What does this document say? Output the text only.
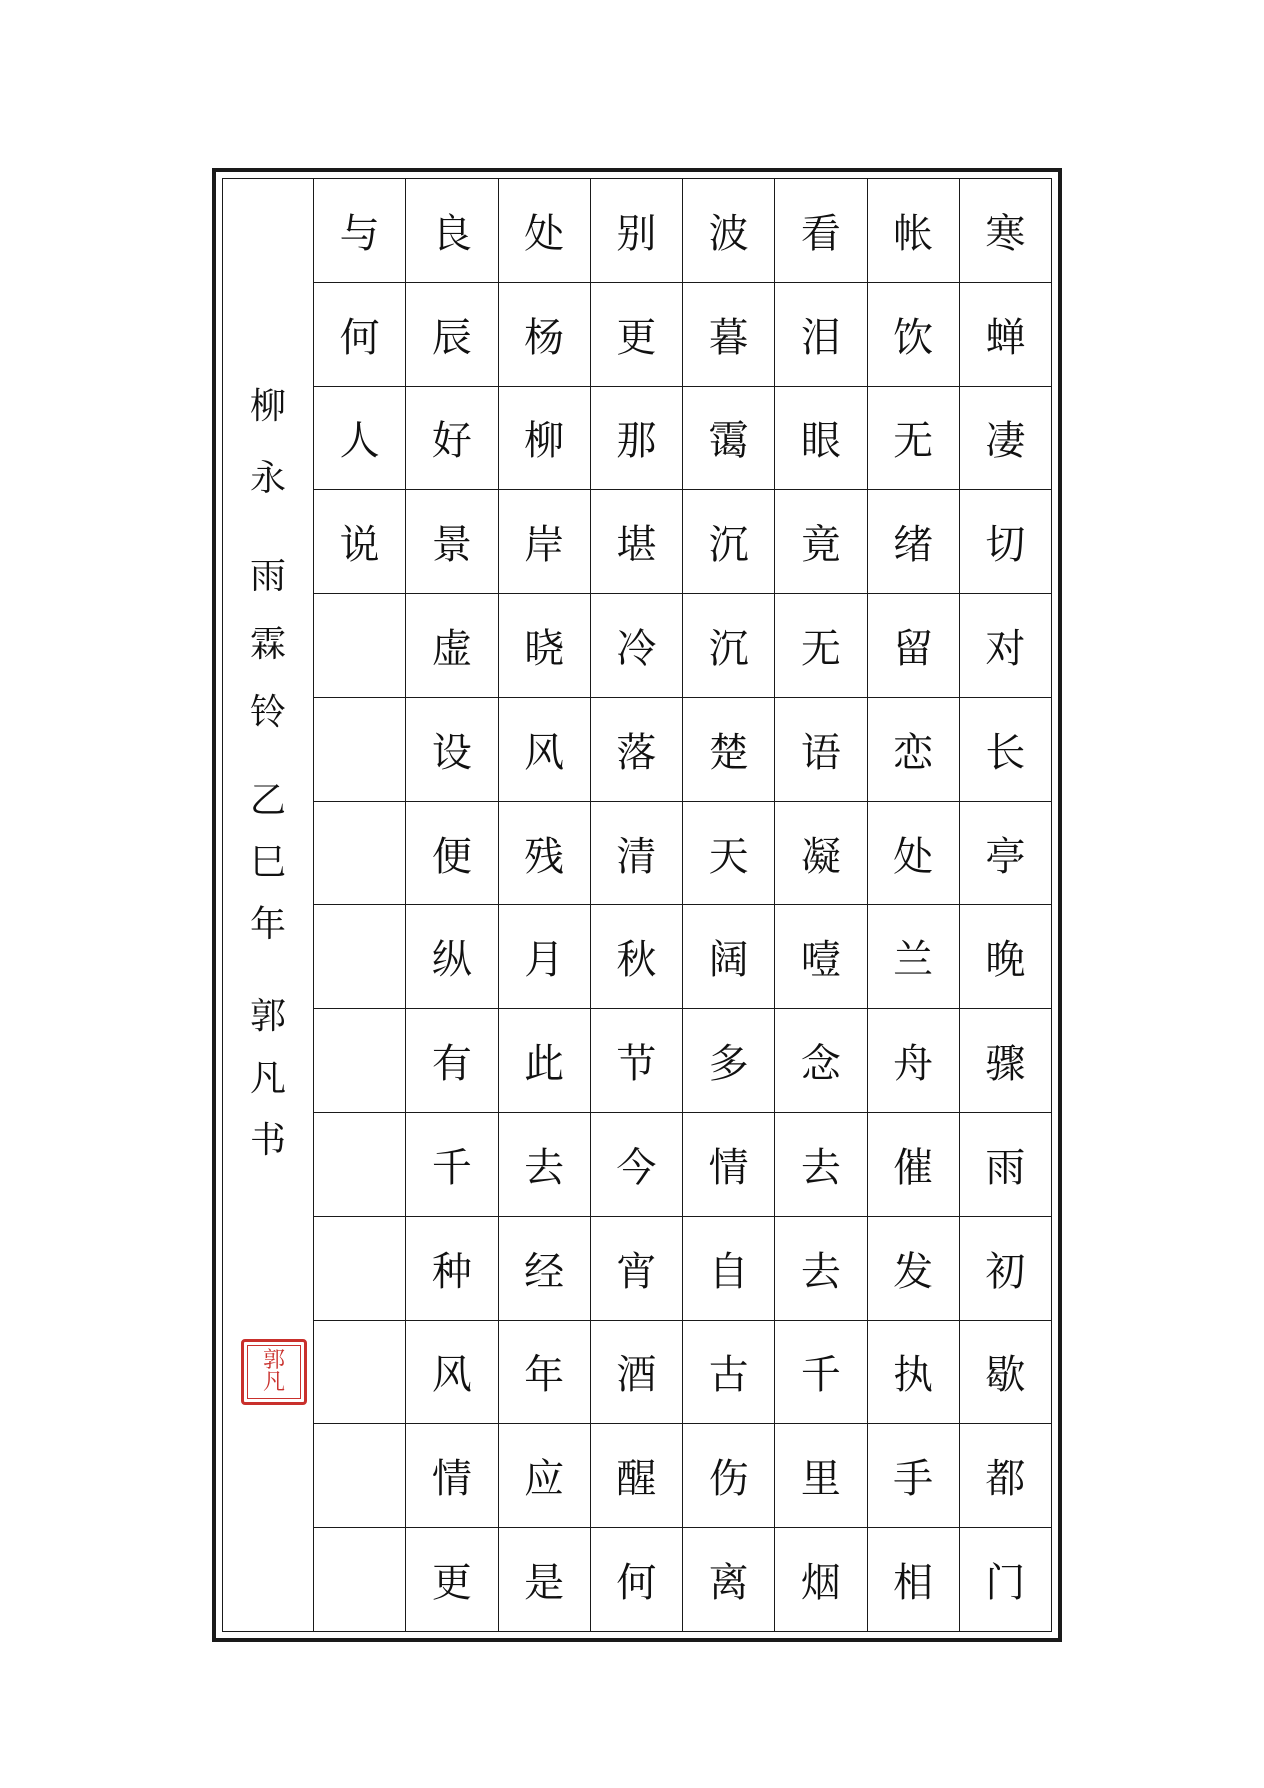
柳
永
雨
霖
铃
乙
巳
年
郭
凡
书
郭
凡
寒
蝉
凄
切
对
长
亭
晚
骤
雨
初
歇
都
门
帐
饮
无
绪
留
恋
处
兰
舟
催
发
执
手
相
看
泪
眼
竟
无
语
凝
噎
念
去
去
千
里
烟
波
暮
霭
沉
沉
楚
天
阔
多
情
自
古
伤
离
别
更
那
堪
冷
落
清
秋
节
今
宵
酒
醒
何
处
杨
柳
岸
晓
风
残
月
此
去
经
年
应
是
良
辰
好
景
虚
设
便
纵
有
千
种
风
情
更
与
何
人
说
